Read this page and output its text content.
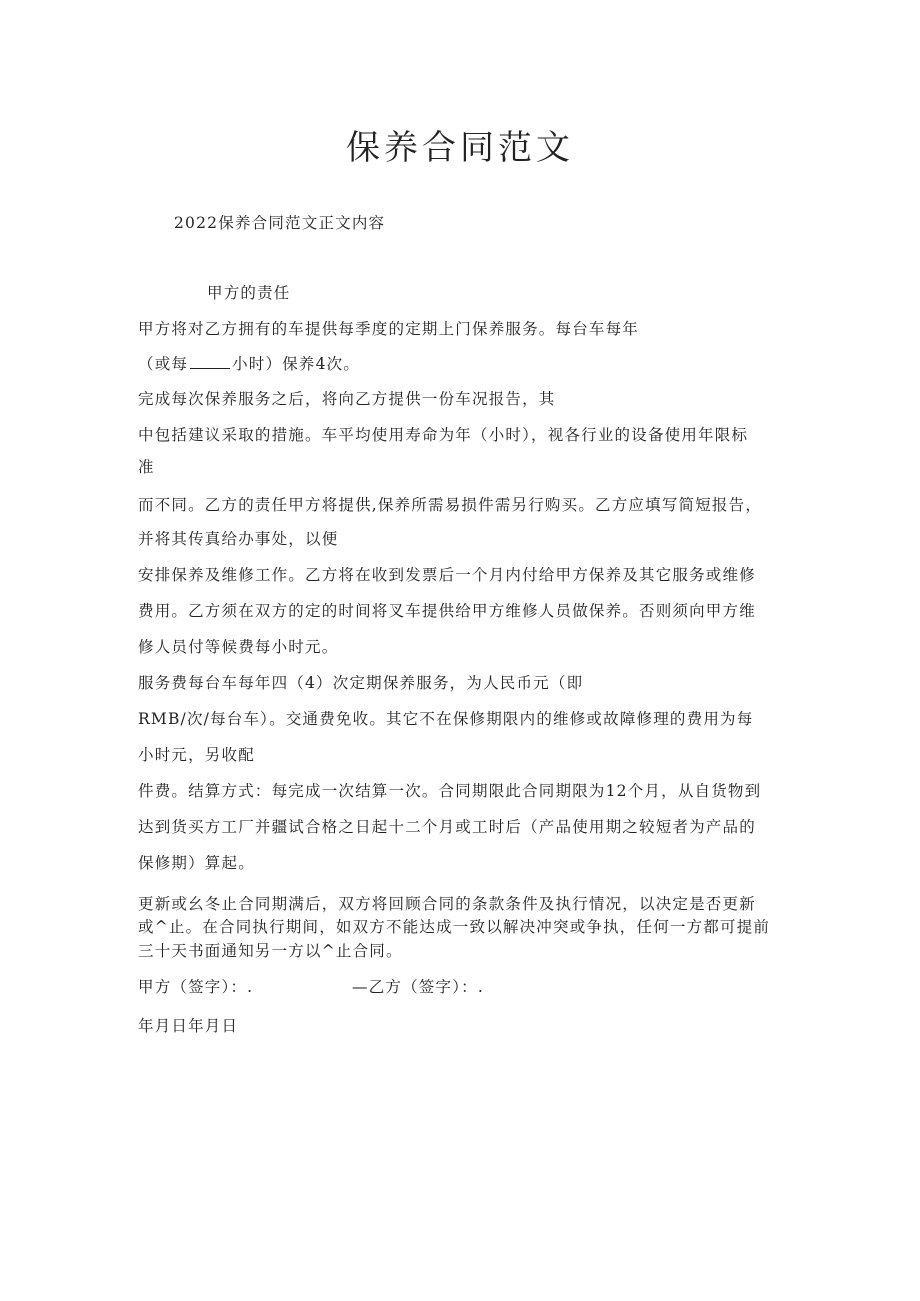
保养合同范文

2022保养合同范文正文内容

甲方的责任

甲方将对乙方拥有的车提供每季度的定期上门保养服务。每台车每年

（或每	小时）保养4次。

完成每次保养服务之后，将向乙方提供一份车况报告，其

中包括建议采取的措施。车平均使用寿命为年（小时），视各行业的设备使用年限标

准

而不同。乙方的责任甲方将提供,保养所需易损件需另行购买。乙方应填写简短报告，

并将其传真给办事处，以便

安排保养及维修工作。乙方将在收到发票后一个月内付给甲方保养及其它服务或维修

费用。乙方须在双方的定的时间将叉车提供给甲方维修人员做保养。否则须向甲方维

修人员付等候费每小时元。

服务费每台车每年四（4）次定期保养服务，为人民币元（即

RMB/次/每台车）。交通费免收。其它不在保修期限内的维修或故障修理的费用为每

小时元，另收配

件费。结算方式：每完成一次结算一次。合同期限此合同期限为12个月，从自货物到

达到货买方工厂并疆试合格之日起十二个月或工时后（产品使用期之较短者为产品的

保修期）算起。

更新或幺冬止合同期满后，双方将回顾合同的条款条件及执行情况，以决定是否更新

或^止。在合同执行期间，如双方不能达成一致以解决冲突或争执，任何一方都可提前

三十天书面通知另一方以^止合同。

甲方（签字）：.	—乙方（签字）：.

年月日年月日
